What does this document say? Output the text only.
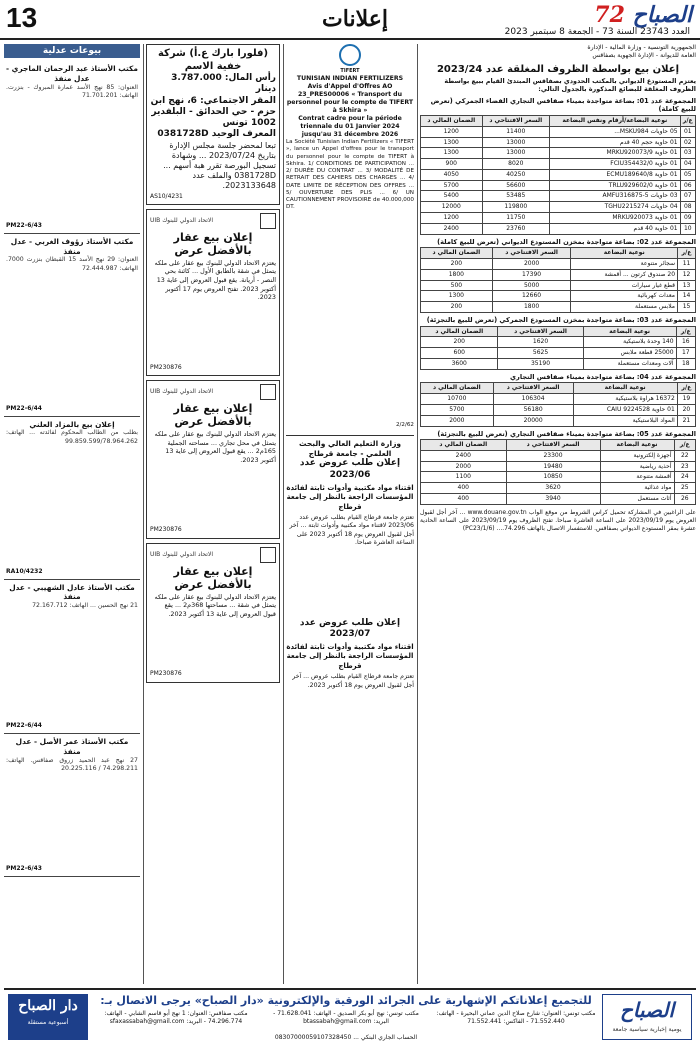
13	إعلانات	72 الصباح
العدد 23743 السنة 73 - الجمعة 8 سبتمبر 2023
بيوعات عدلية
مكتب الأستاذ عبد الرحمان الماجري - عدل منفذ
العنوان: 85 نهج الأسد عمارة المبروك - بنزرت. الهاتف: 71.701.201
PM22-6/43
مكتب الأستاذ رؤوف الغربي - عدل منفذ
العنوان: 29 نهج الأسد 15 القبطان بنزرت 7000. الهاتف: 72.444.987
PM22-6/44
إعلان بيع بالمزاد العلني
بطلب من الطالب المحكوم لفائدته ... الهاتف: 99.859.599/78.964.262
RA10/4232
مكتب الأستاذ عادل الشهيبي - عدل منفذ
21 نهج الحسين ... الهاتف: 72.167.712
PM22-6/44
مكتب الأستاذ عمر الأصل - عدل منفذ
27 نهج عبد الحميد زروق صفاقس. الهاتف: 74.298.211 / 20.225.116
PM22-6/43
(فلورا بارك ع.أ) شركة خفية الاسم
رأس المال: 3.787.000 دينار
المقر الاجتماعي: 6، نهج ابن حزم - حي الحدائق - البلفدير 1002 تونس
المعرف الوحيد 0381728D
تبعا لمحضر جلسة مجلس الإدارة بتاريخ 2023/07/24 ... وشهادة تسجيل البورصة تقرر هبة أسهم ... 0381728D والملف عدد 2023133648.
AS10/4231
الاتحاد الدولي للبنوك UIB
إعلان بيع عقار بالأفضل عرض
يعتزم الاتحاد الدولي للبنوك بيع عقار على ملكه يتمثل في شقة بالطابق الأول ... كائنة بحي النصر - أريانة. يقع قبول العروض إلى غاية 13 أكتوبر 2023. تفتح العروض يوم 17 أكتوبر 2023.
PM230876
الاتحاد الدولي للبنوك UIB
إعلان بيع عقار بالأفضل عرض
يعتزم الاتحاد الدولي للبنوك بيع عقار على ملكه يتمثل في محل تجاري ... مساحته الجملية 165م2 ... يقع قبول العروض إلى غاية 13 أكتوبر 2023.
PM230876
الاتحاد الدولي للبنوك UIB
إعلان بيع عقار بالأفضل عرض
يعتزم الاتحاد الدولي للبنوك بيع عقار على ملكه يتمثل في شقة ... مساحتها 368م2 ... يقع قبول العروض إلى غاية 13 أكتوبر 2023.
PM230876
TIFERT
TUNISIAN INDIAN FERTILIZERS
Avis d'Appel d'Offres AO 23_PRES00006 « Transport du personnel pour le compte de TIFERT à Skhira »
Contrat cadre pour la période triennale du 01 Janvier 2024 jusqu'au 31 décembre 2026
La Société Tunisian Indian Fertilizers « TIFERT », lance un Appel d'offres pour le transport du personnel pour le compte de TIFERT à Skhira. 1/ CONDITIONS DE PARTICIPATION ... 2/ DURÉE DU CONTRAT ... 3/ MODALITÉ DE RETRAIT DES CAHIERS DES CHARGES ... 4/ DATE LIMITE DE RÉCEPTION DES OFFRES ... 5/ OUVERTURE DES PLIS ... 6/ UN CAUTIONNEMENT PROVISOIRE de 40.000,000 DT.
2/2/62
وزارة التعليم العالي والبحث العلمي - جامعة قرطاج
إعلان طلب عروض عدد 2023/06
اقتناء مواد مكتبية وأدوات ثابتة لفائدة المؤسسات الراجعة بالنظر إلى جامعة قرطاج
تعتزم جامعة قرطاج القيام بطلب عروض عدد 2023/06 لاقتناء مواد مكتبية وأدوات ثابتة ... آخر أجل لقبول العروض يوم 18 أكتوبر 2023 على الساعة العاشرة صباحا.
إعلان طلب عروض عدد 2023/07
اقتناء مواد مكتبية وأدوات ثابتة لفائدة المؤسسات الراجعة بالنظر إلى جامعة قرطاج
تعتزم جامعة قرطاج القيام بطلب عروض ... آخر أجل لقبول العروض يوم 18 أكتوبر 2023.
الجمهورية التونسية - وزارة المالية - الإدارة العامة للديوانة - الإدارة الجهوية بصفاقس
إعلان بيع بواسطة الظروف المغلقة عدد 2023/24
يعتزم المستودع الديواني بالمكتب الحدودي بصفاقس المبتدئ القيام ببيع بواسطة الظروف المغلقة للبضائع المذكورة بالجدول التالي:
المجموعة عدد 01: بضاعة متواجدة بميناء صفاقس التجاري الفضاء الجمركي (تعرض للبيع كاملة)
ع/ر	نوعية البضاعة/أرقام ونفس البضاعة	السعر الافتتاحي د	الضمان المالي د
01	05 حاويات MSKU984...	11400	1200
02	01 حاوية حجم 40 قدم	13000	1300
03	01 حاوية MRKU920073/9	13000	1300
04	01 حاوية FCIU354432/0	8020	900
05	01 حاوية ECMU189640/8	40250	4050
06	01 حاوية TRLU929602/0	56600	5700
07	03 حاويات AMFU316875-5	53485	5400
08	04 حاويات TGHU2215274	119800	12000
09	01 حاوية MRKU920073	11750	1200
10	01 حاوية 40 قدم	23760	2400
المجموعة عدد 02: بضاعة متواجدة بمخزن المستودع الديواني (تعرض للبيع كاملة)
ع/ر	نوعية البضاعة	السعر الافتتاحي د	الضمان المالي د
11	سجائر متنوعة	2000	200
12	20 صندوق كرتون ... أقمشة	17390	1800
13	قطع غيار سيارات	5000	500
14	معدات كهربائية	12660	1300
15	ملابس مستعملة	1800	200
المجموعة عدد 03: بضاعة متواجدة بمخزن المستودع الجمركي (تعرض للبيع بالتجزئة)
ع/ر	نوعية البضاعة	السعر الافتتاحي د	الضمان المالي د
16	140 وحدة بلاستيكية	1620	200
17	25000 قطعة ملابس	5625	600
18	آلات ومعدات مستعملة	35190	3600
المجموعة عدد 04: بضاعة متواجدة بميناء صفاقس التجاري
ع/ر	نوعية البضاعة	السعر الافتتاحي د	الضمان المالي د
19	16372 هراوة بلاستيكية	106304	10700
20	01 حاوية CAIU 9224528	56180	5700
21	المواد البلاستيكية	20000	2000
المجموعة عدد 05: بضاعة متواجدة بميناء صفاقس التجاري (تعرض للبيع بالتجزئة)
ع/ر	نوعية البضاعة	السعر الافتتاحي د	الضمان المالي د
22	أجهزة إلكترونية	23300	2400
23	أحذية رياضية	19480	2000
24	أقمشة متنوعة	10850	1100
25	مواد غذائية	3620	400
26	أثاث مستعمل	3940	400
على الراغبين في المشاركة تحميل كراس الشروط من موقع الواب www.douane.gov.tn ... آخر أجل لقبول العروض يوم 2023/09/19 على الساعة العاشرة صباحا. تفتح الظروف يوم 2023/09/19 على الساعة الحادية عشرة بمقر المستودع الديواني بصفاقس. للاستفسار الاتصال بالهاتف 74.296.... (PC23/1/6)
الصباح
يومية إخبارية سياسية جامعة
للتجميع إعلاناتكم الإشهارية على الجرائد الورقية والإلكترونية «دار الصباح» يرجى الاتصال بـ:
مكتب تونس: العنوان: شارع صلاح الدين عماني البحيرة - الهاتف: 71.552.440 - الفاكس: 71.552.441
مكتب تونس: نهج أبو بكر الصديق - الهاتف: 71.628.041 - البريد: btassabah@gmail.com
مكتب صفاقس: العنوان: 1 نهج أبو قاسم الشابي - الهاتف: 74.296.774 - البريد: sfaxassabah@gmail.com
الحساب الجاري البنكي ... 08307000059107328450
دار الصباح
أسبوعية مستقلة
